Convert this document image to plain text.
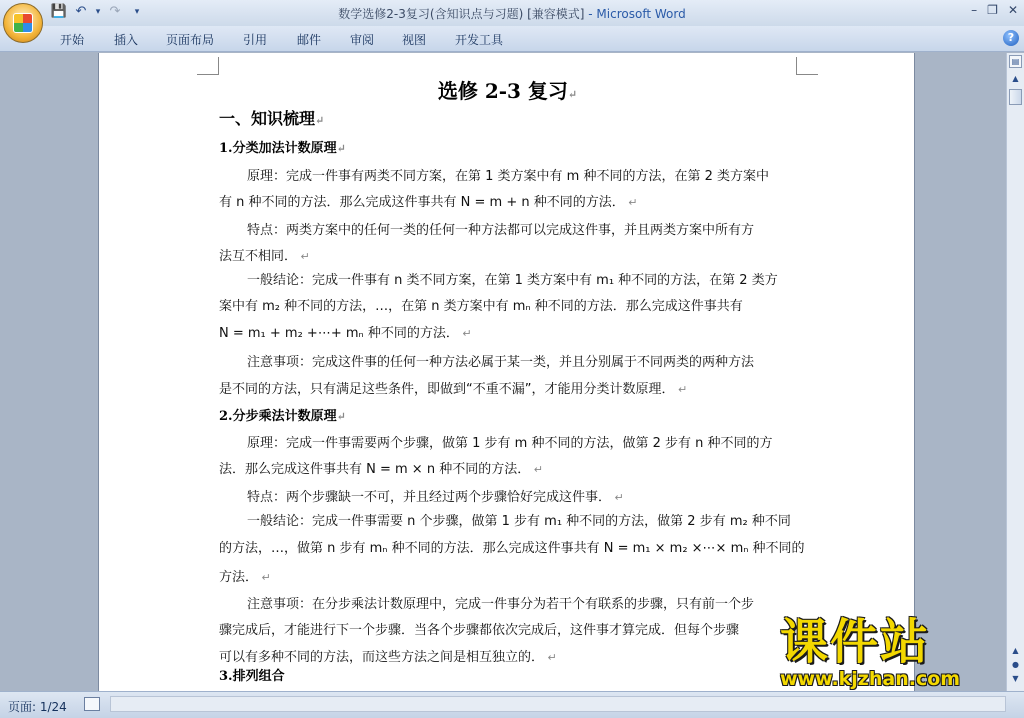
💾 ↶	▾ ↷	▾	数学选修2-3复习(含知识点与习题) [兼容模式] - Microsoft Word	– ❐ ✕
开始 插入 页面布局 引用 邮件 审阅 视图 开发工具	?
选修 2-3 复习↵
一、知识梳理↵
1.分类加法计数原理↵
原理：完成一件事有两类不同方案，在第 1 类方案中有 m 种不同的方法，在第 2 类方案中
有 n 种不同的方法．那么完成这件事共有 N = m + n 种不同的方法． ↵
特点：两类方案中的任何一类的任何一种方法都可以完成这件事，并且两类方案中所有方
法互不相同． ↵
一般结论：完成一件事有 n 类不同方案，在第 1 类方案中有 m₁ 种不同的方法，在第 2 类方
案中有 m₂ 种不同的方法，…，在第 n 类方案中有 mₙ 种不同的方法．那么完成这件事共有
N = m₁ + m₂ +⋯+ mₙ 种不同的方法． ↵
注意事项：完成这件事的任何一种方法必属于某一类，并且分别属于不同两类的两种方法
是不同的方法，只有满足这些条件，即做到“不重不漏”，才能用分类计数原理． ↵
2.分步乘法计数原理↵
原理：完成一件事需要两个步骤，做第 1 步有 m 种不同的方法，做第 2 步有 n 种不同的方
法．那么完成这件事共有 N = m × n 种不同的方法． ↵
特点：两个步骤缺一不可，并且经过两个步骤恰好完成这件事． ↵
一般结论：完成一件事需要 n 个步骤，做第 1 步有 m₁ 种不同的方法，做第 2 步有 m₂ 种不同
的方法，…，做第 n 步有 mₙ 种不同的方法．那么完成这件事共有 N = m₁ × m₂ ×⋯× mₙ 种不同的
方法． ↵
注意事项：在分步乘法计数原理中，完成一件事分为若干个有联系的步骤，只有前一个步
骤完成后，才能进行下一个步骤．当各个步骤都依次完成后，这件事才算完成．但每个步骤
可以有多种不同的方法，而这些方法之间是相互独立的． ↵
3.排列组合
▤
▲
▲
●
▼
页面: 1/24
课件站
www.kjzhan.com
